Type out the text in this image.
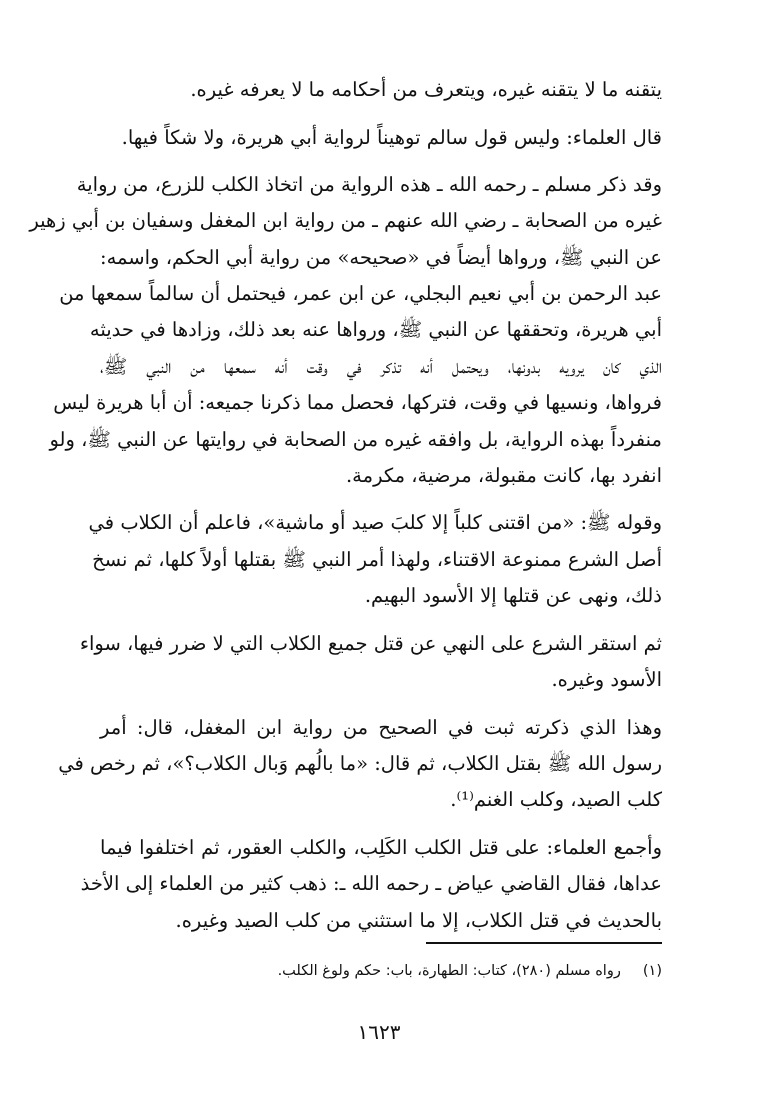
يتقنه ما لا يتقنه غيره، ويتعرف من أحكامه ما لا يعرفه غيره.

قال العلماء: وليس قول سالم توهيناً لرواية أبي هريرة، ولا شكاً فيها.

وقد ذكر مسلم ـ رحمه الله ـ هذه الرواية من اتخاذ الكلب للزرع، من رواية
غيره من الصحابة ـ رضي الله عنهم ـ من رواية ابن المغفل وسفيان بن أبي زهير
عن النبي ﷺ، ورواها أيضاً في «صحيحه» من رواية أبي الحكم، واسمه:
عبد الرحمن بن أبي نعيم البجلي، عن ابن عمر، فيحتمل أن سالماً سمعها من
أبي هريرة، وتحققها عن النبي ﷺ، ورواها عنه بعد ذلك، وزادها في حديثه
الذي كان يرويه بدونها، ويحتمل أنه تذكر في وقت أنه سمعها من النبي ﷺ،
فرواها، ونسيها في وقت، فتركها، فحصل مما ذكرنا جميعه: أن أبا هريرة ليس
منفرداً بهذه الرواية، بل وافقه غيره من الصحابة في روايتها عن النبي ﷺ، ولو
انفرد بها، كانت مقبولة، مرضية، مكرمة.

وقوله ﷺ: «من اقتنى كلباً إلا كلبَ صيد أو ماشية»، فاعلم أن الكلاب في
أصل الشرع ممنوعة الاقتناء، ولهذا أمر النبي ﷺ بقتلها أولاً كلها، ثم نسخ
ذلك، ونهى عن قتلها إلا الأسود البهيم.

ثم استقر الشرع على النهي عن قتل جميع الكلاب التي لا ضرر فيها، سواء
الأسود وغيره.

وهذا الذي ذكرته ثبت في الصحيح من رواية ابن المغفل، قال: أمر
رسول الله ﷺ بقتل الكلاب، ثم قال: «ما بالُهم وَبال الكلاب؟»، ثم رخص في
كلب الصيد، وكلب الغنم⁽¹⁾.

وأجمع العلماء: على قتل الكلب الكَلِب، والكلب العقور، ثم اختلفوا فيما
عداها، فقال القاضي عياض ـ رحمه الله ـ: ذهب كثير من العلماء إلى الأخذ
بالحديث في قتل الكلاب، إلا ما استثني من كلب الصيد وغيره.

(١)رواه مسلم (٢٨٠)، كتاب: الطهارة، باب: حكم ولوغ الكلب.
١٦٢٣
